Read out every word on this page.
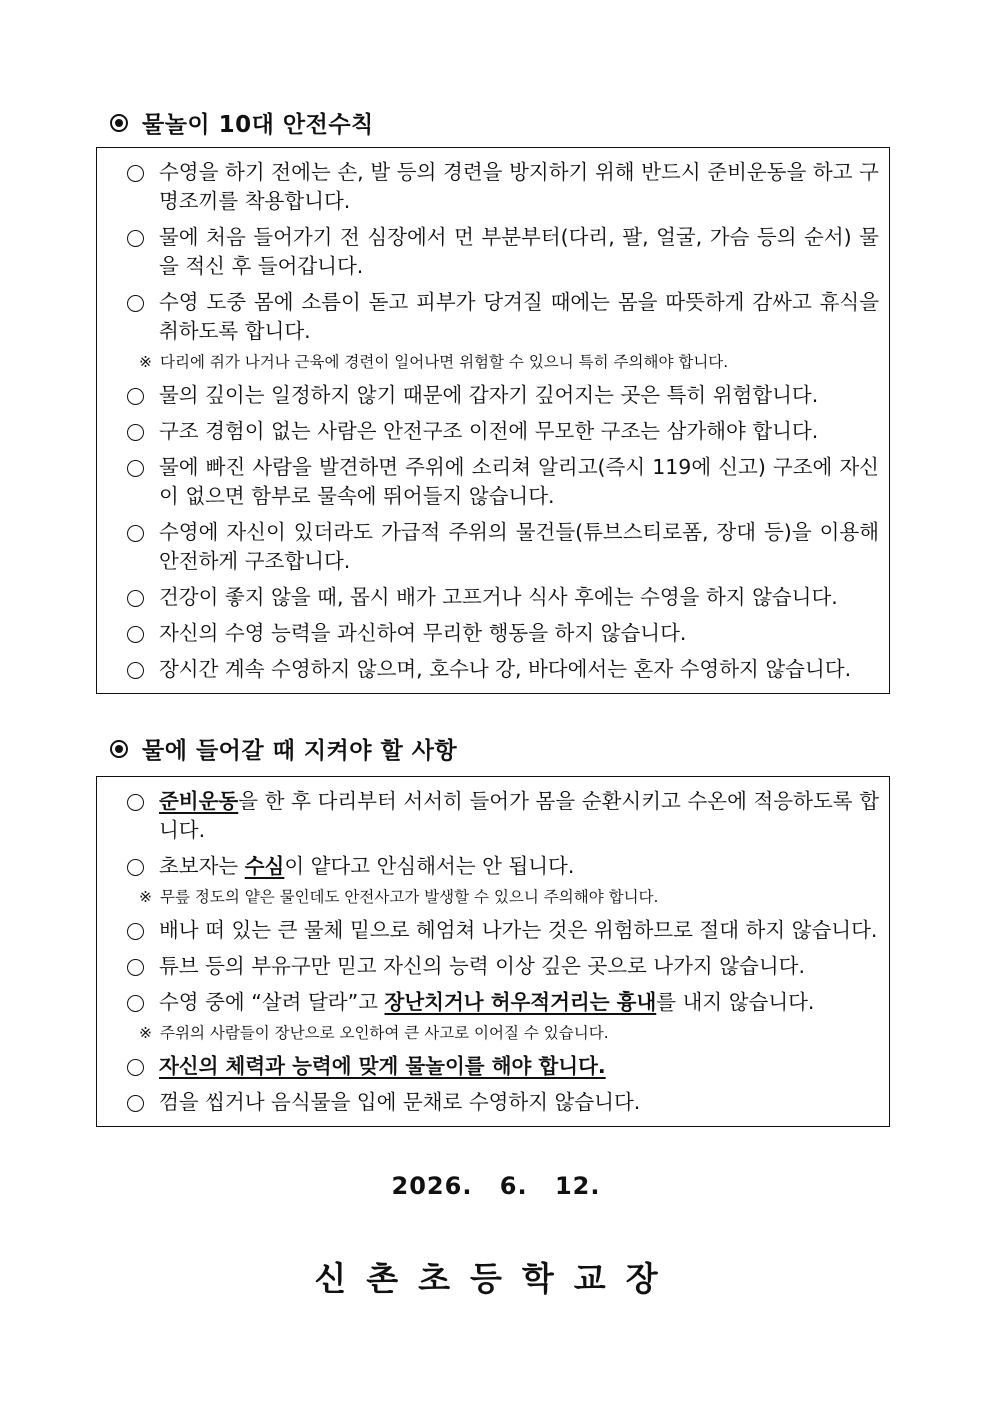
물놀이 10대 안전수칙
수영을 하기 전에는 손, 발 등의 경련을 방지하기 위해 반드시 준비운동을 하고 구명조끼를 착용합니다.
물에 처음 들어가기 전 심장에서 먼 부분부터(다리, 팔, 얼굴, 가슴 등의 순서) 물을 적신 후 들어갑니다.
수영 도중 몸에 소름이 돋고 피부가 당겨질 때에는 몸을 따뜻하게 감싸고 휴식을 취하도록 합니다.
※ 다리에 쥐가 나거나 근육에 경련이 일어나면 위험할 수 있으니 특히 주의해야 합니다.
물의 깊이는 일정하지 않기 때문에 갑자기 깊어지는 곳은 특히 위험합니다.
구조 경험이 없는 사람은 안전구조 이전에 무모한 구조는 삼가해야 합니다.
물에 빠진 사람을 발견하면 주위에 소리쳐 알리고(즉시 119에 신고) 구조에 자신이 없으면 함부로 물속에 뛰어들지 않습니다.
수영에 자신이 있더라도 가급적 주위의 물건들(튜브스티로폼, 장대 등)을 이용해 안전하게 구조합니다.
건강이 좋지 않을 때, 몹시 배가 고프거나 식사 후에는 수영을 하지 않습니다.
자신의 수영 능력을 과신하여 무리한 행동을 하지 않습니다.
장시간 계속 수영하지 않으며, 호수나 강, 바다에서는 혼자 수영하지 않습니다.
물에 들어갈 때 지켜야 할 사항
준비운동을 한 후 다리부터 서서히 들어가 몸을 순환시키고 수온에 적응하도록 합니다.
초보자는 수심이 얕다고 안심해서는 안 됩니다.
※ 무릎 정도의 얕은 물인데도 안전사고가 발생할 수 있으니 주의해야 합니다.
배나 떠 있는 큰 물체 밑으로 헤엄쳐 나가는 것은 위험하므로 절대 하지 않습니다.
튜브 등의 부유구만 믿고 자신의 능력 이상 깊은 곳으로 나가지 않습니다.
수영 중에 “살려 달라”고 장난치거나 허우적거리는 흉내를 내지 않습니다.
※ 주위의 사람들이 장난으로 오인하여 큰 사고로 이어질 수 있습니다.
자신의 체력과 능력에 맞게 물놀이를 해야 합니다.
껌을 씹거나 음식물을 입에 문채로 수영하지 않습니다.
2026. 6. 12.
신촌초등학교장
